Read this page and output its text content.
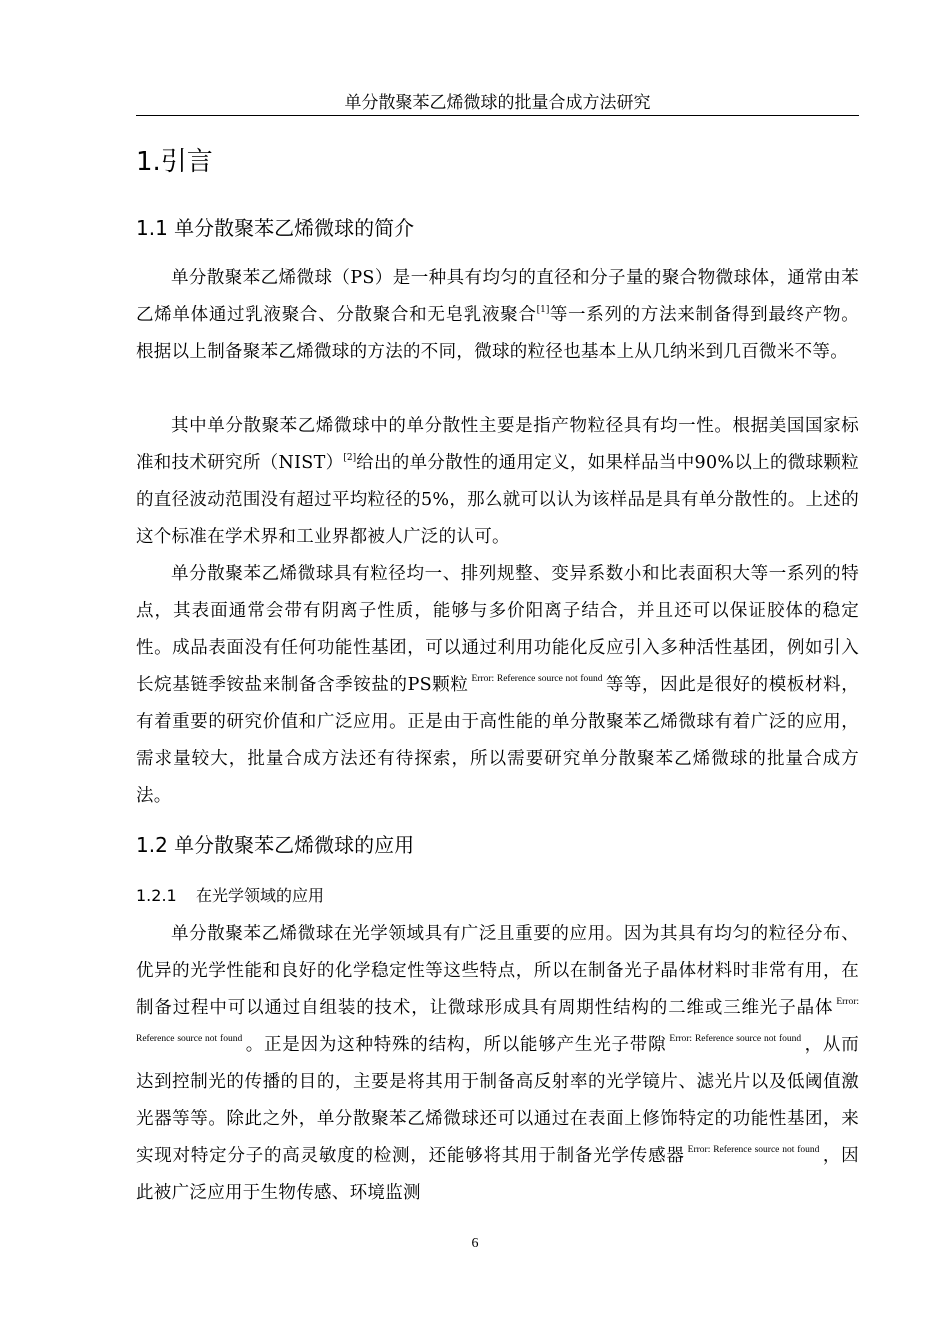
单分散聚苯乙烯微球的批量合成方法研究
1.引言
1.1 单分散聚苯乙烯微球的简介
单分散聚苯乙烯微球（PS）是一种具有均匀的直径和分子量的聚合物微球体，通常由苯乙烯单体通过乳液聚合、分散聚合和无皂乳液聚合[1]等一系列的方法来制备得到最终产物。根据以上制备聚苯乙烯微球的方法的不同，微球的粒径也基本上从几纳米到几百微米不等。
其中单分散聚苯乙烯微球中的单分散性主要是指产物粒径具有均一性。根据美国国家标准和技术研究所（NIST）[2]给出的单分散性的通用定义，如果样品当中90%以上的微球颗粒的直径波动范围没有超过平均粒径的5%，那么就可以认为该样品是具有单分散性的。上述的这个标准在学术界和工业界都被人广泛的认可。
单分散聚苯乙烯微球具有粒径均一、排列规整、变异系数小和比表面积大等一系列的特点，其表面通常会带有阴离子性质，能够与多价阳离子结合，并且还可以保证胶体的稳定性。成品表面没有任何功能性基团，可以通过利用功能化反应引入多种活性基团，例如引入长烷基链季铵盐来制备含季铵盐的PS颗粒 $^{Error: Reference source not found}$ 等等，因此是很好的模板材料，有着重要的研究价值和广泛应用。正是由于高性能的单分散聚苯乙烯微球有着广泛的应用，需求量较大，批量合成方法还有待探索，所以需要研究单分散聚苯乙烯微球的批量合成方法。
1.2 单分散聚苯乙烯微球的应用
1.2.1 在光学领域的应用
单分散聚苯乙烯微球在光学领域具有广泛且重要的应用。因为其具有均匀的粒径分布、优异的光学性能和良好的化学稳定性等这些特点，所以在制备光子晶体材料时非常有用，在制备过程中可以通过自组装的技术，让微球形成具有周期性结构的二维或三维光子晶体 $^{Error: Reference source not found}$ 。正是因为这种特殊的结构，所以能够产生光子带隙 $^{Error: Reference source not found}$ ，从而达到控制光的传播的目的，主要是将其用于制备高反射率的光学镜片、滤光片以及低阈值激光器等等。除此之外，单分散聚苯乙烯微球还可以通过在表面上修饰特定的功能性基团，来实现对特定分子的高灵敏度的检测，还能够将其用于制备光学传感器 $^{Error: Reference source not found}$ ，因此被广泛应用于生物传感、环境监测
6
